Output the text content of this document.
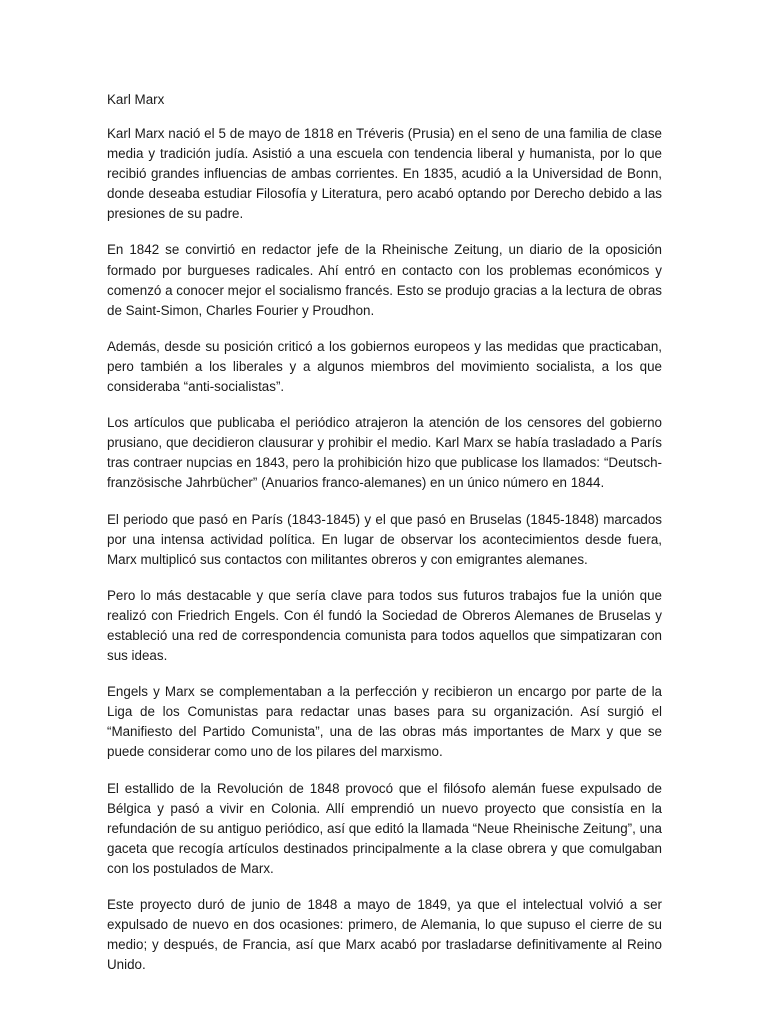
Karl Marx

Karl Marx nació el 5 de mayo de 1818 en Tréveris (Prusia) en el seno de una familia de clase media y tradición judía. Asistió a una escuela con tendencia liberal y humanista, por lo que recibió grandes influencias de ambas corrientes. En 1835, acudió a la Universidad de Bonn, donde deseaba estudiar Filosofía y Literatura, pero acabó optando por Derecho debido a las presiones de su padre.

En 1842 se convirtió en redactor jefe de la Rheinische Zeitung, un diario de la oposición formado por burgueses radicales. Ahí entró en contacto con los problemas económicos y comenzó a conocer mejor el socialismo francés. Esto se produjo gracias a la lectura de obras de Saint-Simon, Charles Fourier y Proudhon.

Además, desde su posición criticó a los gobiernos europeos y las medidas que practicaban, pero también a los liberales y a algunos miembros del movimiento socialista, a los que consideraba “anti-socialistas”.

Los artículos que publicaba el periódico atrajeron la atención de los censores del gobierno prusiano, que decidieron clausurar y prohibir el medio. Karl Marx se había trasladado a París tras contraer nupcias en 1843, pero la prohibición hizo que publicase los llamados: “Deutsch-französische Jahrbücher” (Anuarios franco-alemanes) en un único número en 1844.

El periodo que pasó en París (1843-1845) y el que pasó en Bruselas (1845-1848) marcados por una intensa actividad política. En lugar de observar los acontecimientos desde fuera, Marx multiplicó sus contactos con militantes obreros y con emigrantes alemanes.

Pero lo más destacable y que sería clave para todos sus futuros trabajos fue la unión que realizó con Friedrich Engels. Con él fundó la Sociedad de Obreros Alemanes de Bruselas y estableció una red de correspondencia comunista para todos aquellos que simpatizaran con sus ideas.

Engels y Marx se complementaban a la perfección y recibieron un encargo por parte de la Liga de los Comunistas para redactar unas bases para su organización. Así surgió el “Manifiesto del Partido Comunista”, una de las obras más importantes de Marx y que se puede considerar como uno de los pilares del marxismo.

El estallido de la Revolución de 1848 provocó que el filósofo alemán fuese expulsado de Bélgica y pasó a vivir en Colonia. Allí emprendió un nuevo proyecto que consistía en la refundación de su antiguo periódico, así que editó la llamada “Neue Rheinische Zeitung”, una gaceta que recogía artículos destinados principalmente a la clase obrera y que comulgaban con los postulados de Marx.

Este proyecto duró de junio de 1848 a mayo de 1849, ya que el intelectual volvió a ser expulsado de nuevo en dos ocasiones: primero, de Alemania, lo que supuso el cierre de su medio; y después, de Francia, así que Marx acabó por trasladarse definitivamente al Reino Unido.
